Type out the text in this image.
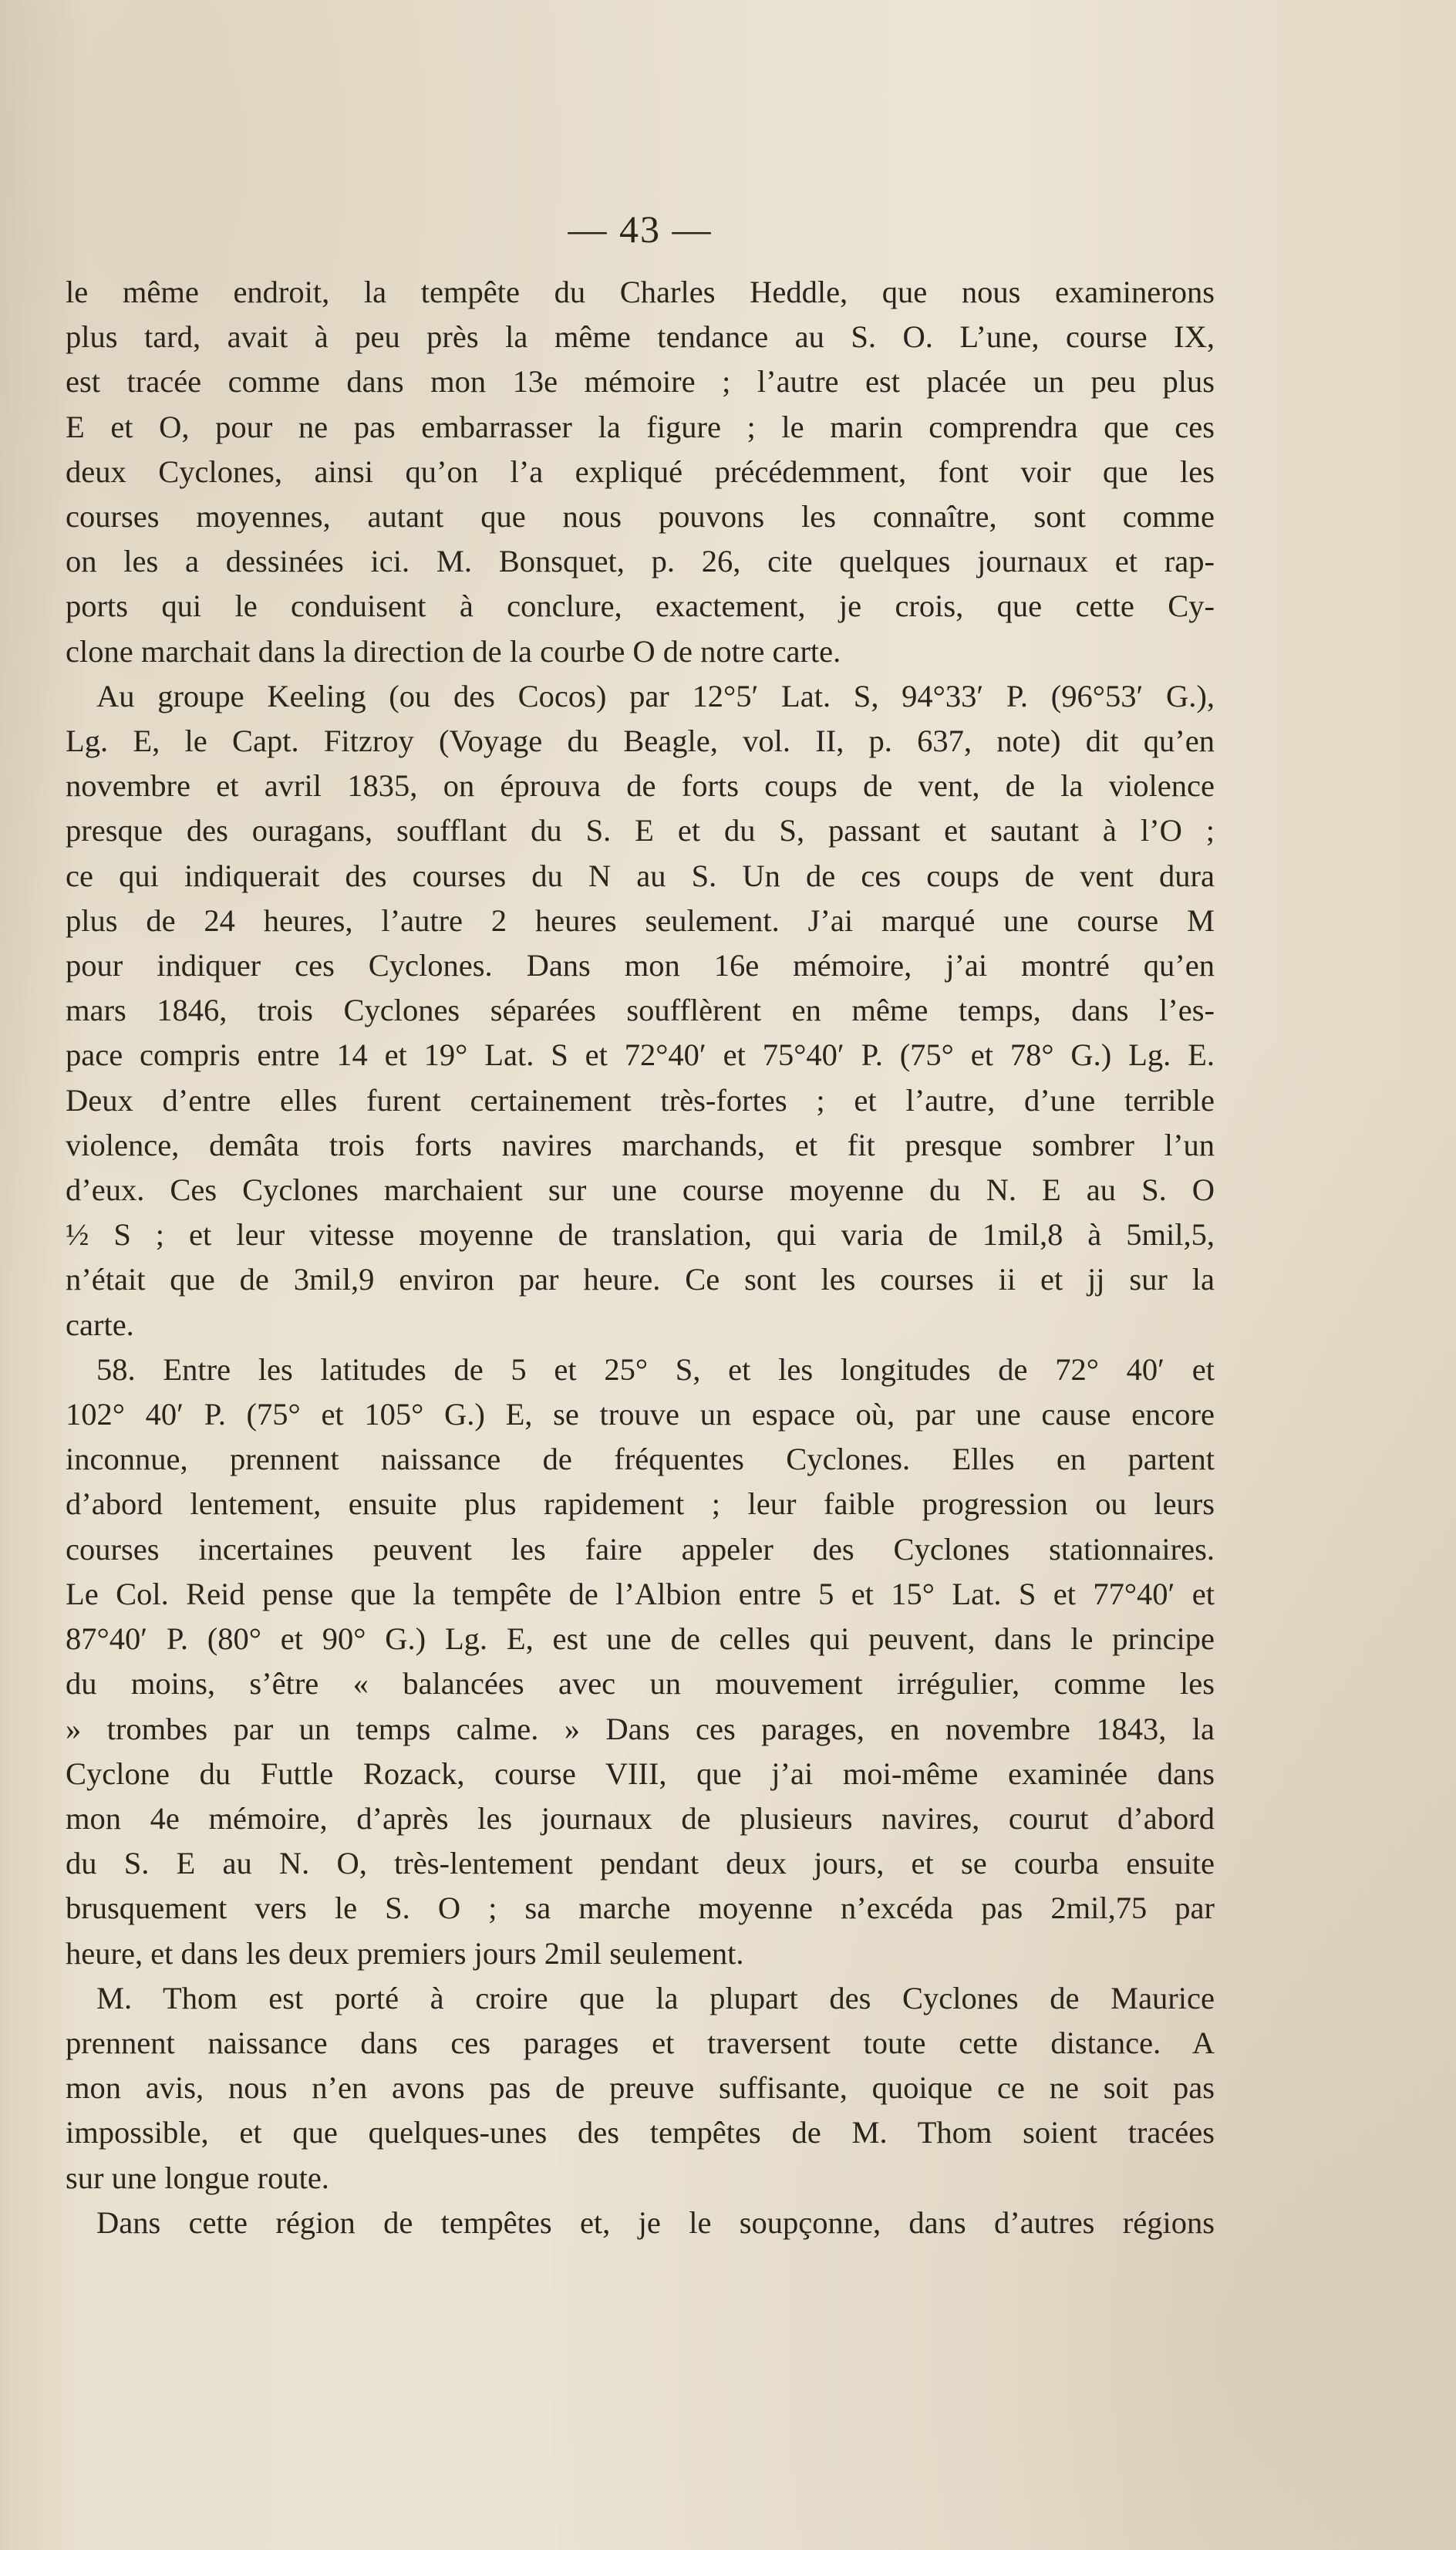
— 43 —

le même endroit, la tempête du Charles Heddle, que nous examinerons

plus tard, avait à peu près la même tendance au S. O. L’une, course IX,

est tracée comme dans mon 13e mémoire ; l’autre est placée un peu plus

E et O, pour ne pas embarrasser la figure ; le marin comprendra que ces

deux Cyclones, ainsi qu’on l’a expliqué précédemment, font voir que les

courses moyennes, autant que nous pouvons les connaître, sont comme

on les a dessinées ici. M. Bonsquet, p. 26, cite quelques journaux et rap-

ports qui le conduisent à conclure, exactement, je crois, que cette Cy-

clone marchait dans la direction de la courbe O de notre carte.

Au groupe Keeling (ou des Cocos) par 12°5′ Lat. S, 94°33′ P. (96°53′ G.),

Lg. E, le Capt. Fitzroy (Voyage du Beagle, vol. II, p. 637, note) dit qu’en

novembre et avril 1835, on éprouva de forts coups de vent, de la violence

presque des ouragans, soufflant du S. E et du S, passant et sautant à l’O ;

ce qui indiquerait des courses du N au S. Un de ces coups de vent dura

plus de 24 heures, l’autre 2 heures seulement. J’ai marqué une course M

pour indiquer ces Cyclones. Dans mon 16e mémoire, j’ai montré qu’en

mars 1846, trois Cyclones séparées soufflèrent en même temps, dans l’es-

pace compris entre 14 et 19° Lat. S et 72°40′ et 75°40′ P. (75° et 78° G.) Lg. E.

Deux d’entre elles furent certainement très-fortes ; et l’autre, d’une terrible

violence, demâta trois forts navires marchands, et fit presque sombrer l’un

d’eux. Ces Cyclones marchaient sur une course moyenne du N. E au S. O

½ S ; et leur vitesse moyenne de translation, qui varia de 1mil,8 à 5mil,5,

n’était que de 3mil,9 environ par heure. Ce sont les courses ii et jj sur la

carte.

58. Entre les latitudes de 5 et 25° S, et les longitudes de 72° 40′ et

102° 40′ P. (75° et 105° G.) E, se trouve un espace où, par une cause encore

inconnue, prennent naissance de fréquentes Cyclones. Elles en partent

d’abord lentement, ensuite plus rapidement ; leur faible progression ou leurs

courses incertaines peuvent les faire appeler des Cyclones stationnaires.

Le Col. Reid pense que la tempête de l’Albion entre 5 et 15° Lat. S et 77°40′ et

87°40′ P. (80° et 90° G.) Lg. E, est une de celles qui peuvent, dans le principe

du moins, s’être « balancées avec un mouvement irrégulier, comme les

» trombes par un temps calme. » Dans ces parages, en novembre 1843, la

Cyclone du Futtle Rozack, course VIII, que j’ai moi-même examinée dans

mon 4e mémoire, d’après les journaux de plusieurs navires, courut d’abord

du S. E au N. O, très-lentement pendant deux jours, et se courba ensuite

brusquement vers le S. O ; sa marche moyenne n’excéda pas 2mil,75 par

heure, et dans les deux premiers jours 2mil seulement.

M. Thom est porté à croire que la plupart des Cyclones de Maurice

prennent naissance dans ces parages et traversent toute cette distance. A

mon avis, nous n’en avons pas de preuve suffisante, quoique ce ne soit pas

impossible, et que quelques-unes des tempêtes de M. Thom soient tracées

sur une longue route.

Dans cette région de tempêtes et, je le soupçonne, dans d’autres régions
